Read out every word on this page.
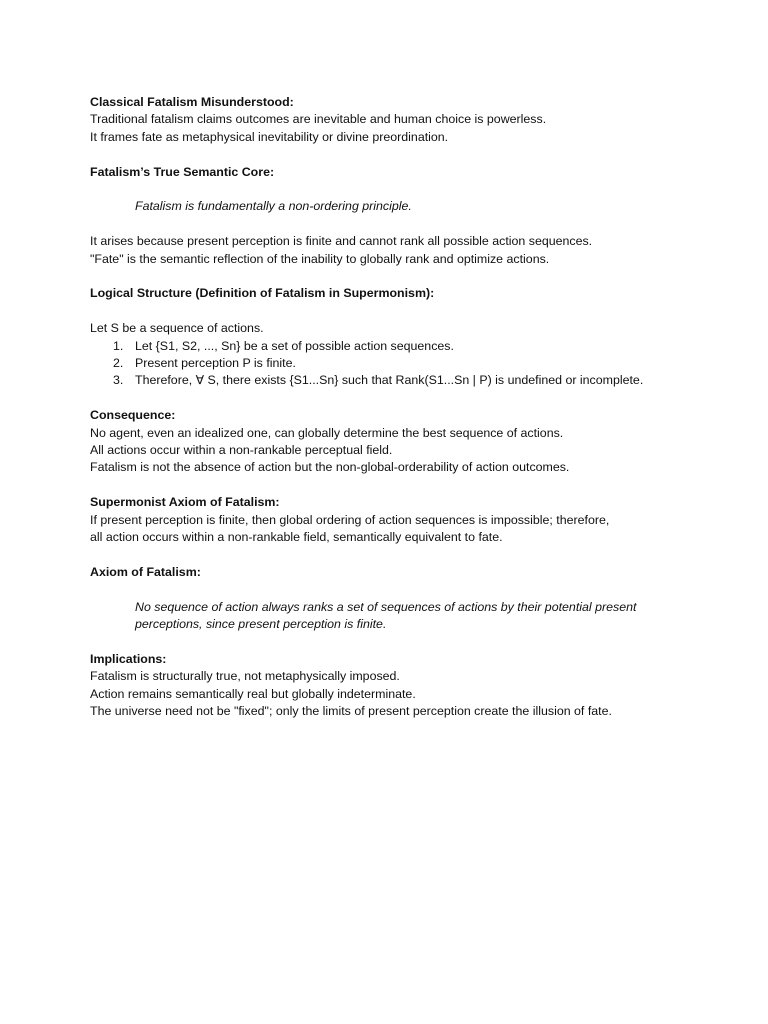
Classical Fatalism Misunderstood:
Traditional fatalism claims outcomes are inevitable and human choice is powerless.
It frames fate as metaphysical inevitability or divine preordination.
Fatalism’s True Semantic Core:
Fatalism is fundamentally a non-ordering principle.
It arises because present perception is finite and cannot rank all possible action sequences.
"Fate" is the semantic reflection of the inability to globally rank and optimize actions.
Logical Structure (Definition of Fatalism in Supermonism):
Let S be a sequence of actions.
1. Let {S1, S2, ..., Sn} be a set of possible action sequences.
2. Present perception P is finite.
3. Therefore, ∀ S, there exists {S1...Sn} such that Rank(S1...Sn | P) is undefined or incomplete.
Consequence:
No agent, even an idealized one, can globally determine the best sequence of actions.
All actions occur within a non-rankable perceptual field.
Fatalism is not the absence of action but the non-global-orderability of action outcomes.
Supermonist Axiom of Fatalism:
If present perception is finite, then global ordering of action sequences is impossible; therefore,
all action occurs within a non-rankable field, semantically equivalent to fate.
Axiom of Fatalism:
No sequence of action always ranks a set of sequences of actions by their potential present
perceptions, since present perception is finite.
Implications:
Fatalism is structurally true, not metaphysically imposed.
Action remains semantically real but globally indeterminate.
The universe need not be "fixed"; only the limits of present perception create the illusion of fate.
